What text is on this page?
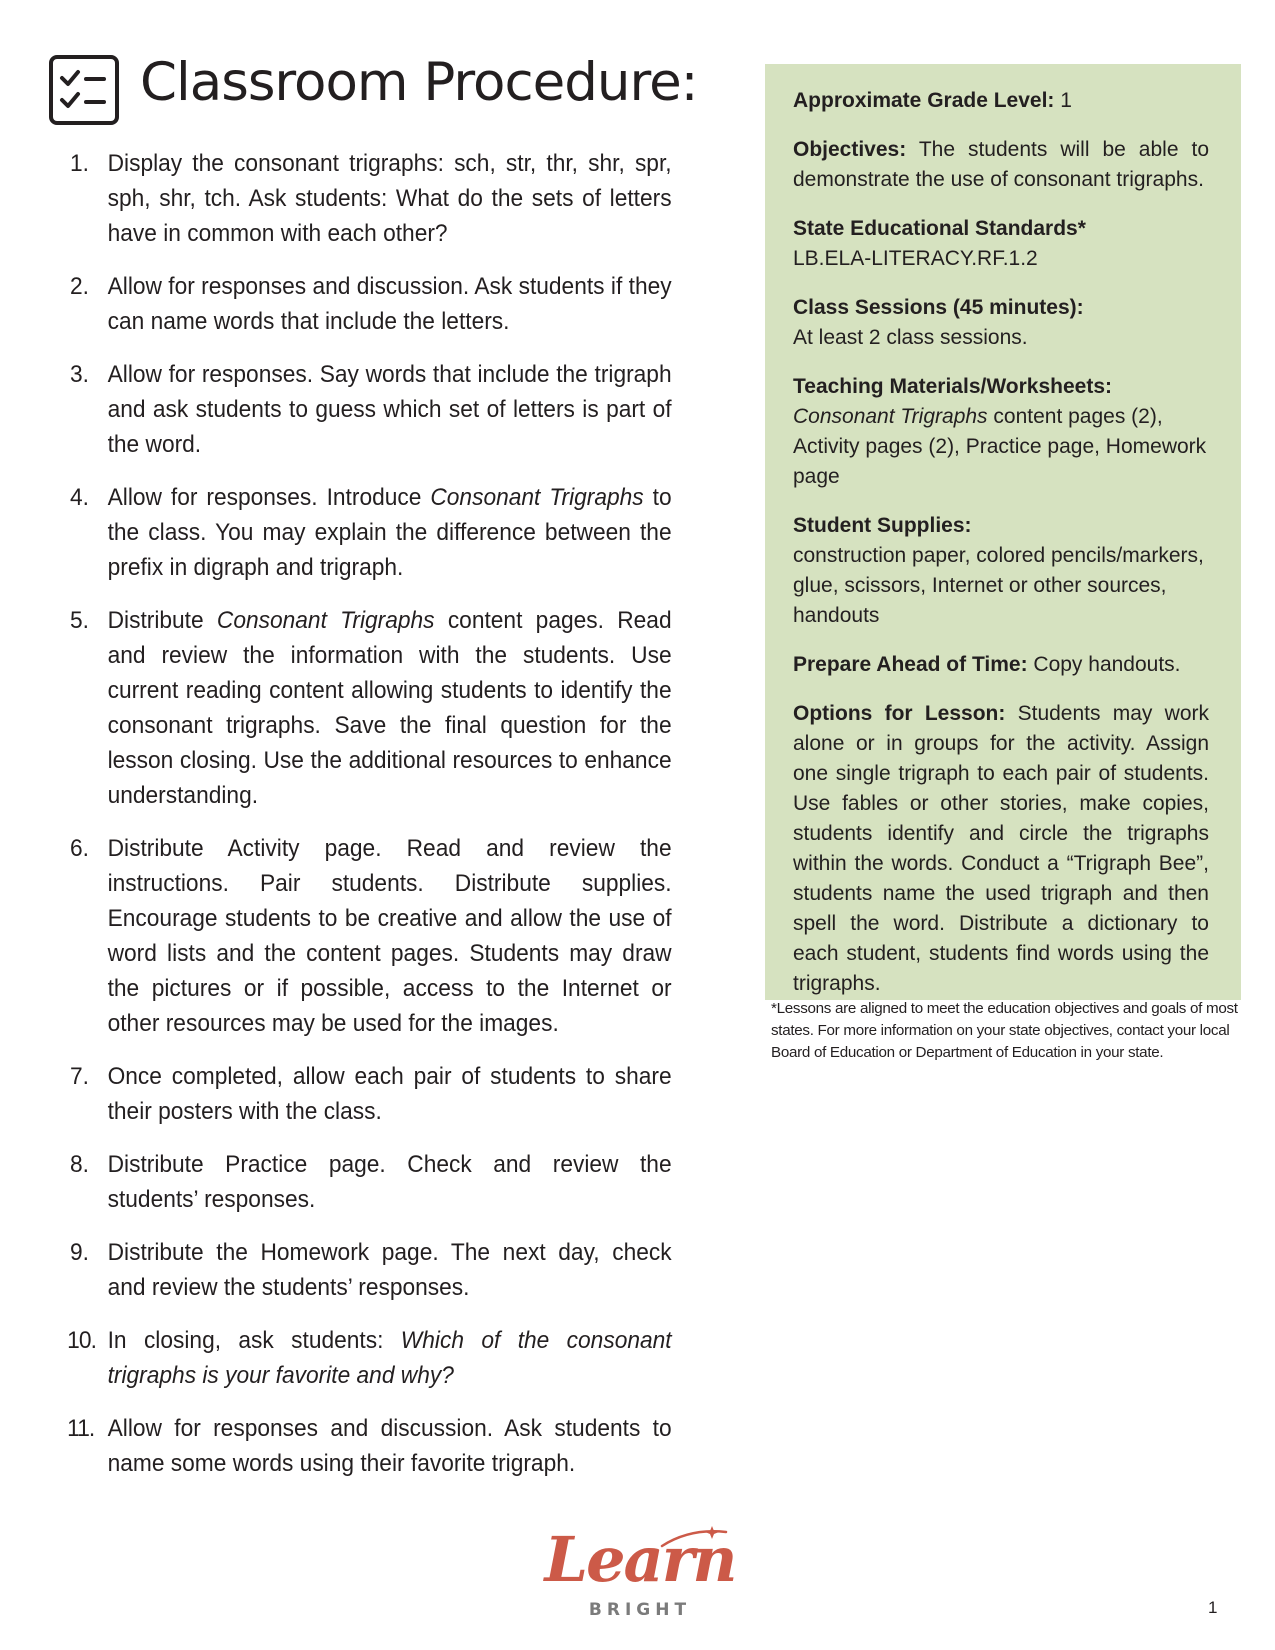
Classroom Procedure:
1. Display the consonant trigraphs: sch, str, thr, shr, spr, sph, shr, tch. Ask students: What do the sets of letters have in common with each other?
2. Allow for responses and discussion. Ask students if they can name words that include the letters.
3. Allow for responses. Say words that include the trigraph and ask students to guess which set of letters is part of the word.
4. Allow for responses. Introduce Consonant Trigraphs to the class. You may explain the difference between the prefix in digraph and trigraph.
5. Distribute Consonant Trigraphs content pages. Read and review the information with the students. Use current reading content allowing students to identify the consonant trigraphs. Save the final question for the lesson closing. Use the additional resources to enhance understanding.
6. Distribute Activity page. Read and review the instructions. Pair students. Distribute supplies. Encourage students to be creative and allow the use of word lists and the content pages. Students may draw the pictures or if possible, access to the Internet or other resources may be used for the images.
7. Once completed, allow each pair of students to share their posters with the class.
8. Distribute Practice page. Check and review the students’ responses.
9. Distribute the Homework page. The next day, check and review the students’ responses.
10. In closing, ask students: Which of the consonant trigraphs is your favorite and why?
11. Allow for responses and discussion. Ask students to name some words using their favorite trigraph.
Approximate Grade Level: 1
Objectives: The students will be able to demonstrate the use of consonant trigraphs.
State Educational Standards*
LB.ELA-LITERACY.RF.1.2
Class Sessions (45 minutes):
At least 2 class sessions.
Teaching Materials/Worksheets:
Consonant Trigraphs content pages (2), Activity pages (2), Practice page, Homework page
Student Supplies:
construction paper, colored pencils/markers, glue, scissors, Internet or other sources, handouts
Prepare Ahead of Time: Copy handouts.
Options for Lesson: Students may work alone or in groups for the activity. Assign one single trigraph to each pair of students. Use fables or other stories, make copies, students identify and circle the trigraphs within the words. Conduct a “Trigraph Bee”, students name the used trigraph and then spell the word. Distribute a dictionary to each student, students find words using the trigraphs.

*Lessons are aligned to meet the education objectives and goals of most states. For more information on your state objectives, contact your local Board of Education or Department of Education in your state.

Learn
BRIGHT	1
